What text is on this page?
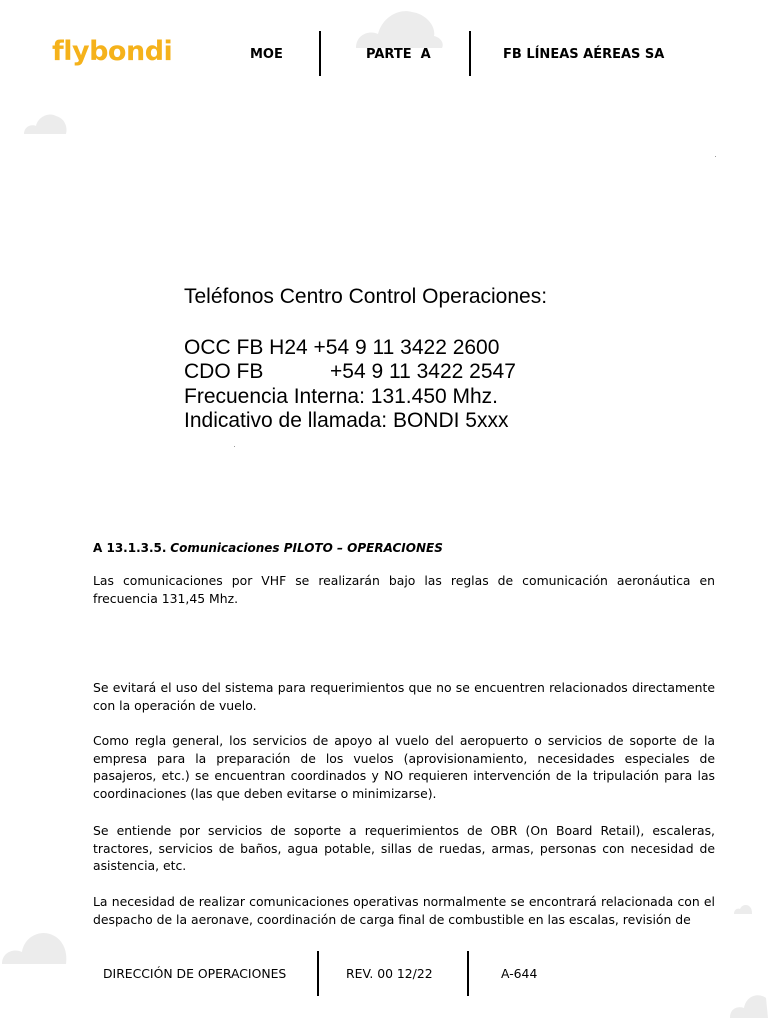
flybondi	MOE	PARTE  A	FB LÍNEAS AÉREAS SA
Teléfonos Centro Control Operaciones:
OCC FB H24 +54 9 11 3422 2600
CDO FB	+54 9 11 3422 2547
Frecuencia Interna: 131.450 Mhz.
Indicativo de llamada: BONDI 5xxx
A 13.1.3.5. Comunicaciones PILOTO – OPERACIONES

Las comunicaciones por VHF se realizarán bajo las reglas de comunicación aeronáutica en frecuencia 131,45 Mhz.

Se evitará el uso del sistema para requerimientos que no se encuentren relacionados directamente con la operación de vuelo.

Como regla general, los servicios de apoyo al vuelo del aeropuerto o servicios de soporte de la empresa para la preparación de los vuelos (aprovisionamiento, necesidades especiales de pasajeros, etc.) se encuentran coordinados y NO requieren intervención de la tripulación para las coordinaciones (las que deben evitarse o minimizarse).

Se entiende por servicios de soporte a requerimientos de OBR (On Board Retail), escaleras, tractores, servicios de baños, agua potable, sillas de ruedas, armas, personas con necesidad de asistencia, etc.

La necesidad de realizar comunicaciones operativas normalmente se encontrará relacionada con el despacho de la aeronave, coordinación de carga final de combustible en las escalas, revisión de

DIRECCIÓN DE OPERACIONES	REV. 00 12/22	A-644
